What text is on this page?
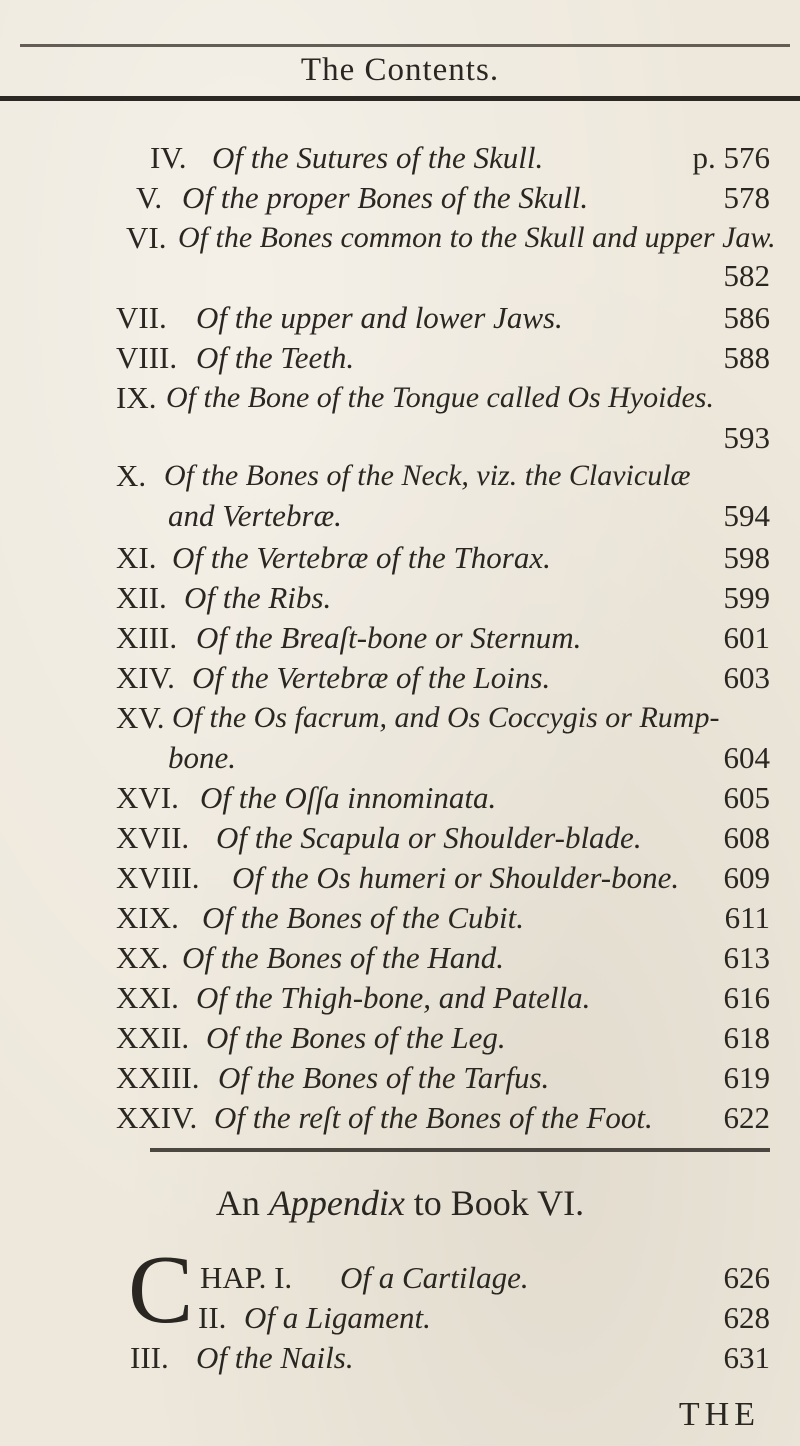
The Contents.
IV. Of the Sutures of the Skull.	p. 576
V. Of the proper Bones of the Skull.	578
VI. Of the Bones common to the Skull and upper Jaw.
582
VII. Of the upper and lower Jaws.	586
VIII. Of the Teeth.	588
IX. Of the Bone of the Tongue called Os Hyoides.
593
X. Of the Bones of the Neck, viz. the Claviculæ
and Vertebræ.	594
XI. Of the Vertebræ of the Thorax.	598
XII. Of the Ribs.	599
XIII. Of the Breaſt-bone or Sternum.	601
XIV. Of the Vertebræ of the Loins.	603
XV. Of the Os facrum, and Os Coccygis or Rump-
bone.	604
XVI. Of the Oſſa innominata.	605
XVII. Of the Scapula or Shoulder-blade.	608
XVIII. Of the Os humeri or Shoulder-bone. 609
XIX. Of the Bones of the Cubit.	611
XX. Of the Bones of the Hand.	613
XXI. Of the Thigh-bone, and Patella.	616
XXII. Of the Bones of the Leg.	618
XXIII. Of the Bones of the Tarfus.	619
XXIV. Of the reſt of the Bones of the Foot. 622
An Appendix to Book VI.
C HAP. I. Of a Cartilage.	626
II. Of a Ligament.	628
III. Of the Nails.	631
THE
